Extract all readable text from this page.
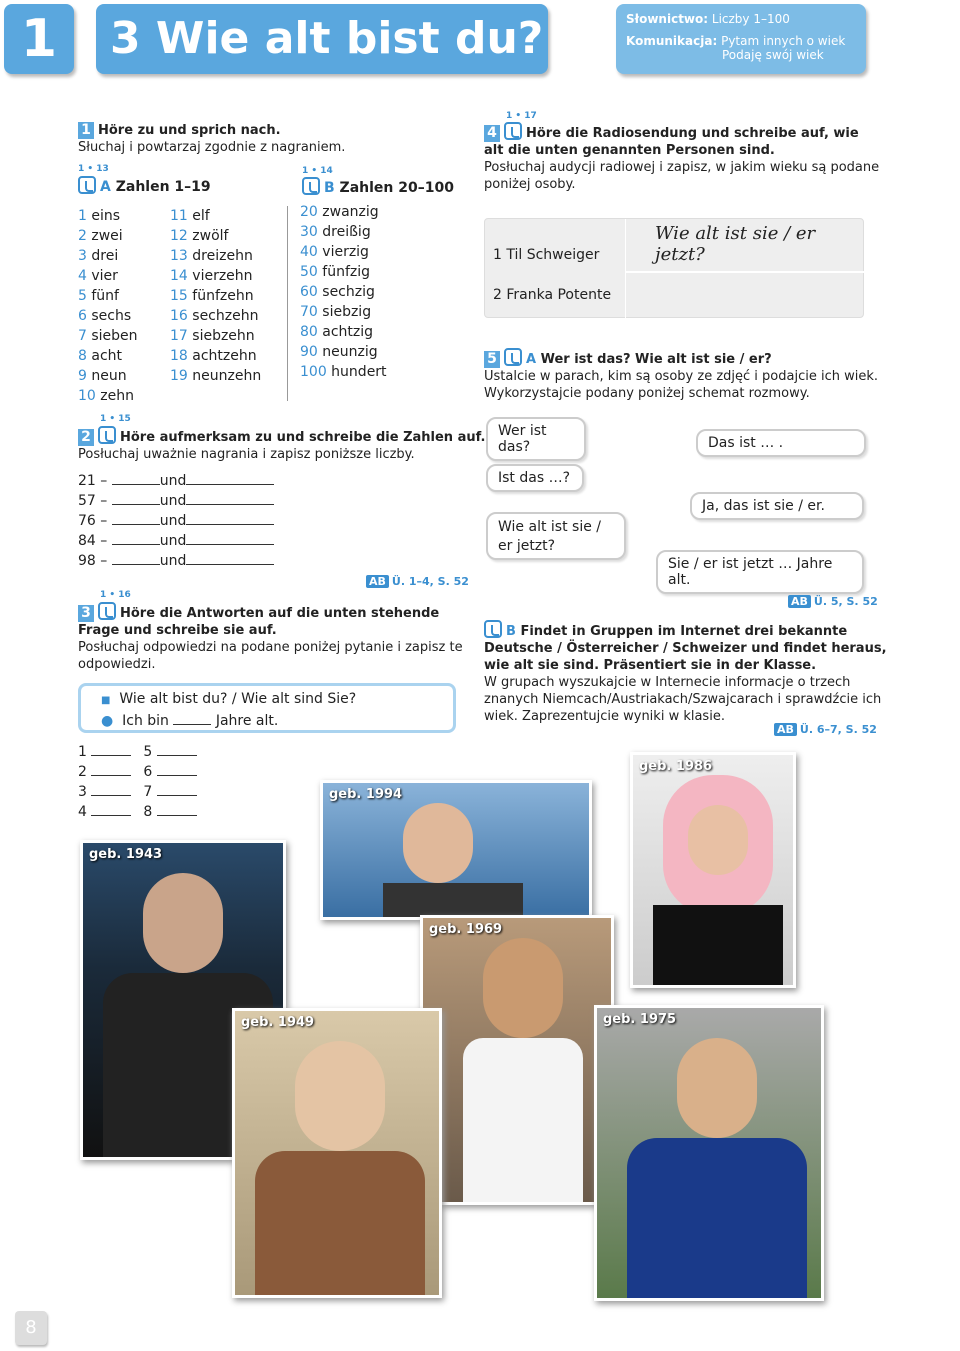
1	3 Wie alt bist du?	Słownictwo: Liczby 1–100
Komunikacja: Pytam innych o wiek
Podaję swój wiek
1 Höre zu und sprich nach.
Słuchaj i powtarzaj zgodnie z nagraniem.
1 • 13
A Zahlen 1–19
1 • 14
B Zahlen 20–100
1 eins
2 zwei
3 drei
4 vier
5 fünf
6 sechs
7 sieben
8 acht
9 neun
10 zehn
11 elf
12 zwölf
13 dreizehn
14 vierzehn
15 fünfzehn
16 sechzehn
17 siebzehn
18 achtzehn
19 neunzehn
20 zwanzig
30 dreißig
40 vierzig
50 fünfzig
60 sechzig
70 siebzig
80 achtzig
90 neunzig
100 hundert
1 • 15
2 Höre aufmerksam zu und schreibe die Zahlen auf.
Posłuchaj uważnie nagrania i zapisz poniższe liczby.
21 –	und
57 –	und
76 –	und
84 –	und
98 –	und
AB Ü. 1–4, S. 52
1 • 16
3 Höre die Antworten auf die unten stehende
Frage und schreibe sie auf.
Posłuchaj odpowiedzi na podane poniżej pytanie i zapisz te
odpowiedzi.
■ Wie alt bist du? / Wie alt sind Sie?
● Ich bin	Jahre alt.
1	5
2	6
3	7
4	8
1 • 17
4 Höre die Radiosendung und schreibe auf, wie
alt die unten genannten Personen sind.
Posłuchaj audycji radiowej i zapisz, w jakim wieku są podane
poniżej osoby.
Wie alt ist sie / er jetzt?
1 Til Schweiger
2 Franka Potente
5 A Wer ist das? Wie alt ist sie / er?
Ustalcie w parach, kim są osoby ze zdjęć i podajcie ich wiek.
Wykorzystajcie podany poniżej schemat rozmowy.
Wer ist das?	Das ist … .
Ist das …?
Ja, das ist sie / er.
Wie alt ist sie /
er jetzt?
Sie / er ist jetzt … Jahre alt.
AB Ü. 5, S. 52
B Findet in Gruppen im Internet drei bekannte
Deutsche / Österreicher / Schweizer und findet heraus,
wie alt sie sind. Präsentiert sie in der Klasse.
W grupach wyszukajcie w Internecie informacje o trzech
znanych Niemcach/Austriakach/Szwajcarach i sprawdźcie ich
wiek. Zaprezentujcie wyniki w klasie.
AB Ü. 6–7, S. 52
geb. 1943
geb. 1994
geb. 1986
geb. 1969
geb. 1949	geb. 1975
8
